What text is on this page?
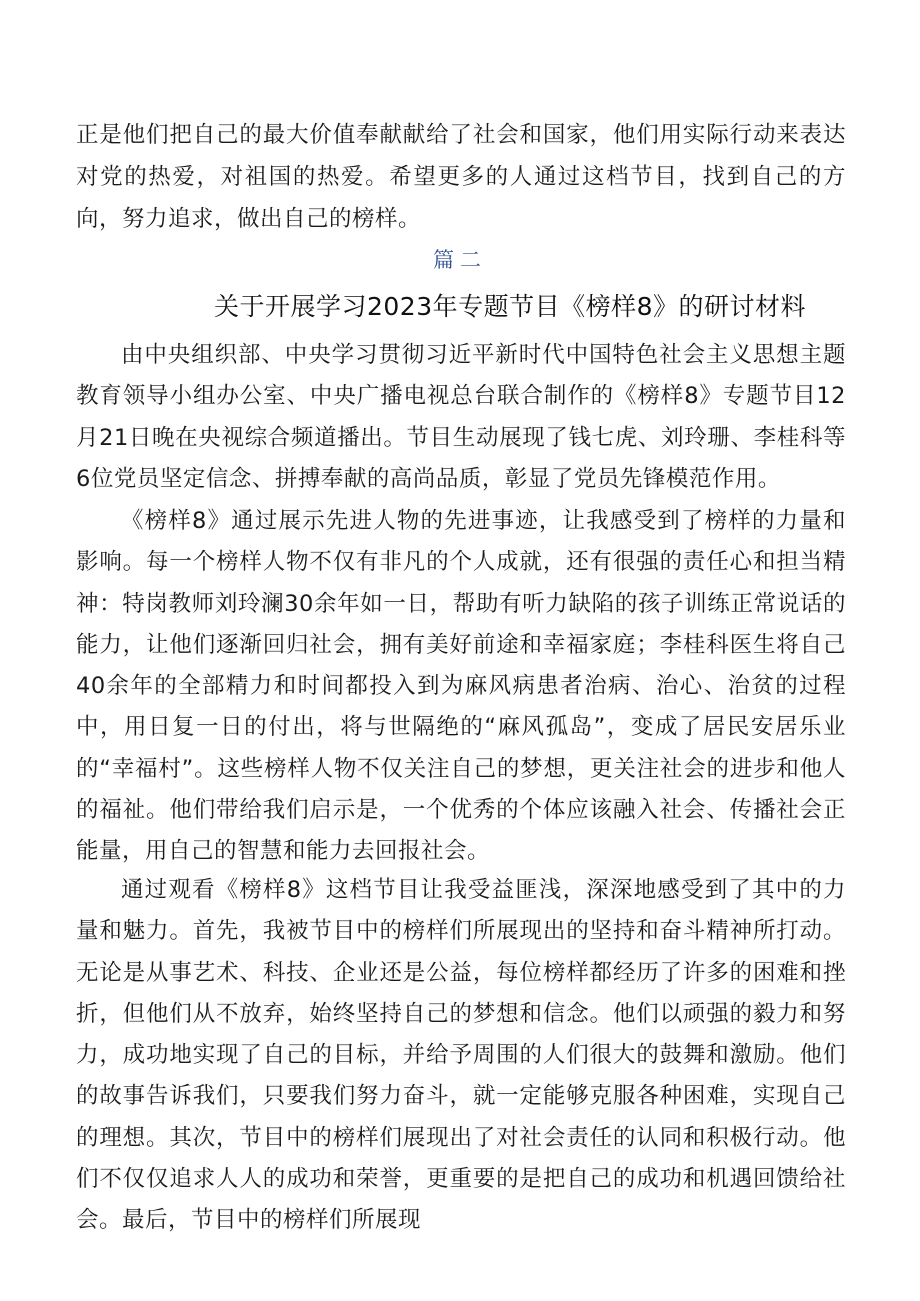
正是他们把自己的最大价值奉献献给了社会和国家，他们用实际行动来表达对党的热爱，对祖国的热爱。希望更多的人通过这档节目，找到自己的方向，努力追求，做出自己的榜样。

篇二
关于开展学习2023年专题节目《榜样8》的研讨材料

由中央组织部、中央学习贯彻习近平新时代中国特色社会主义思想主题教育领导小组办公室、中央广播电视总台联合制作的《榜样8》专题节目12月21日晚在央视综合频道播出。节目生动展现了钱七虎、刘玲珊、李桂科等6位党员坚定信念、拼搏奉献的高尚品质，彰显了党员先锋模范作用。

《榜样8》通过展示先进人物的先进事迹，让我感受到了榜样的力量和影响。每一个榜样人物不仅有非凡的个人成就，还有很强的责任心和担当精神：特岗教师刘玲澜30余年如一日，帮助有听力缺陷的孩子训练正常说话的能力，让他们逐渐回归社会，拥有美好前途和幸福家庭；李桂科医生将自己40余年的全部精力和时间都投入到为麻风病患者治病、治心、治贫的过程中，用日复一日的付出，将与世隔绝的“麻风孤岛”，变成了居民安居乐业的“幸福村”。这些榜样人物不仅关注自己的梦想，更关注社会的进步和他人的福祉。他们带给我们启示是，一个优秀的个体应该融入社会、传播社会正能量，用自己的智慧和能力去回报社会。

通过观看《榜样8》这档节目让我受益匪浅，深深地感受到了其中的力量和魅力。首先，我被节目中的榜样们所展现出的坚持和奋斗精神所打动。无论是从事艺术、科技、企业还是公益，每位榜样都经历了许多的困难和挫折，但他们从不放弃，始终坚持自己的梦想和信念。他们以顽强的毅力和努力，成功地实现了自己的目标，并给予周围的人们很大的鼓舞和激励。他们的故事告诉我们，只要我们努力奋斗，就一定能够克服各种困难，实现自己的理想。其次，节目中的榜样们展现出了对社会责任的认同和积极行动。他们不仅仅追求人人的成功和荣誉，更重要的是把自己的成功和机遇回馈给社会。最后，节目中的榜样们所展现
